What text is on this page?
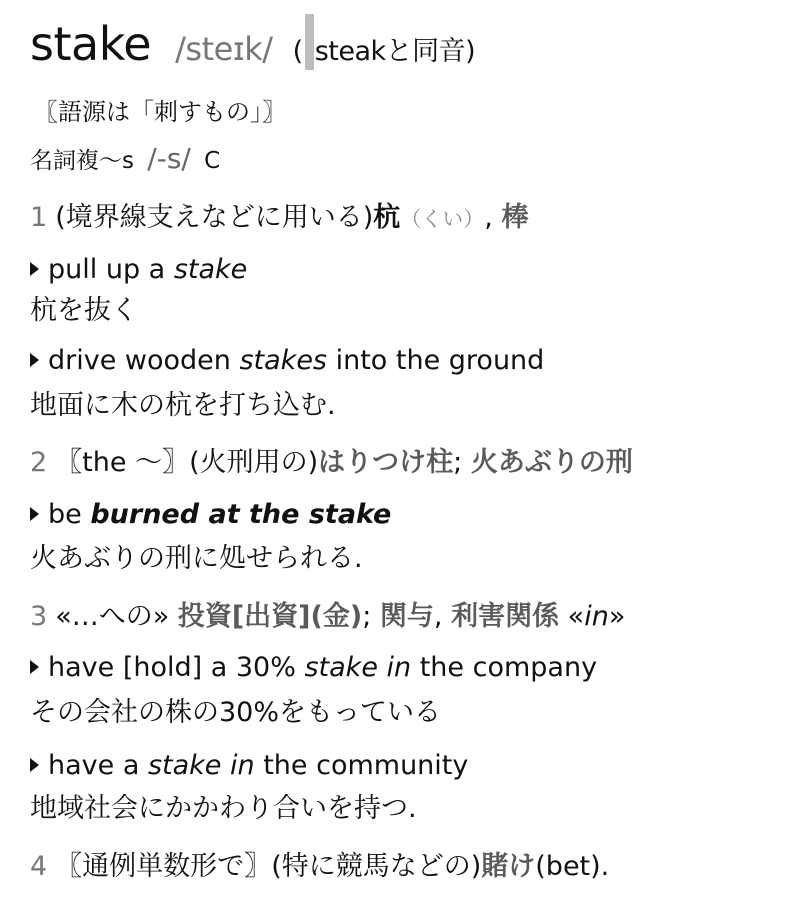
stake /steɪk/ ( steakと同音)
〖語源は「刺すもの」〗
名詞複〜s /-s/ C
1 (境界線支えなどに用いる)杭（くい）, 棒
pull up a stake
杭を抜く
drive wooden stakes into the ground
地面に木の杭を打ち込む.
2 〖the 〜〗(火刑用の)はりつけ柱; 火あぶりの刑
be burned at the stake
火あぶりの刑に処せられる.
3 «…への» 投資[出資](金); 関与, 利害関係 «in»
have [hold] a 30% stake in the company
その会社の株の30%をもっている
have a stake in the community
地域社会にかかわり合いを持つ.
4 〖通例単数形で〗(特に競馬などの)賭け(bet).
